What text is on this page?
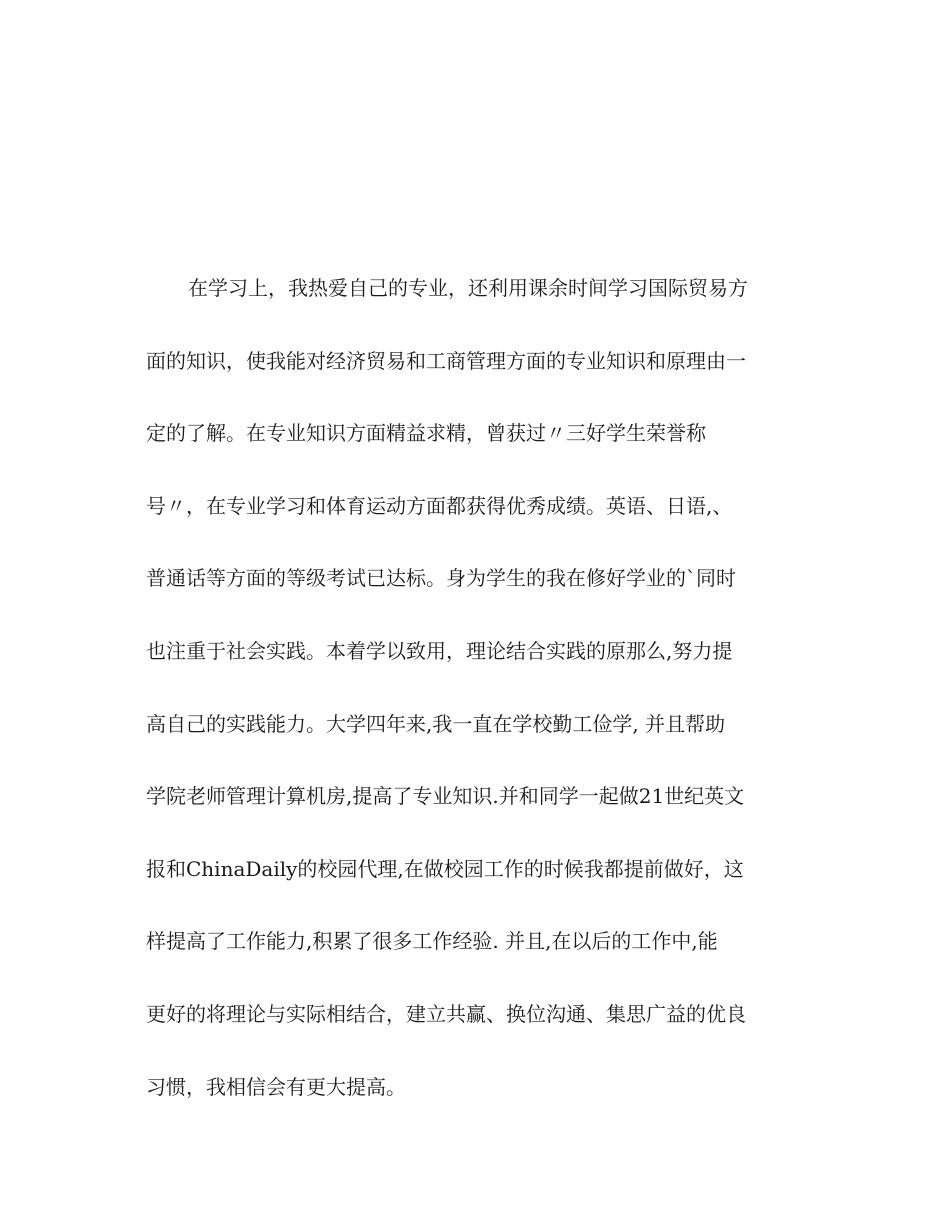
在学习上，我热爱自己的专业，还利用课余时间学习国际贸易方
面的知识，使我能对经济贸易和工商管理方面的专业知识和原理由一
定的了解。在专业知识方面精益求精，曾获过〃三好学生荣誉称
号〃，在专业学习和体育运动方面都获得优秀成绩。英语、日语,、
普通话等方面的等级考试已达标。身为学生的我在修好学业的`同时
也注重于社会实践。本着学以致用，理论结合实践的原那么,努力提
高自己的实践能力。大学四年来,我一直在学校勤工俭学, 并且帮助
学院老师管理计算机房,提高了专业知识.并和同学一起做21世纪英文
报和ChinaDaily的校园代理,在做校园工作的时候我都提前做好，这
样提高了工作能力,积累了很多工作经验. 并且,在以后的工作中,能
更好的将理论与实际相结合，建立共赢、换位沟通、集思广益的优良
习惯，我相信会有更大提高。
